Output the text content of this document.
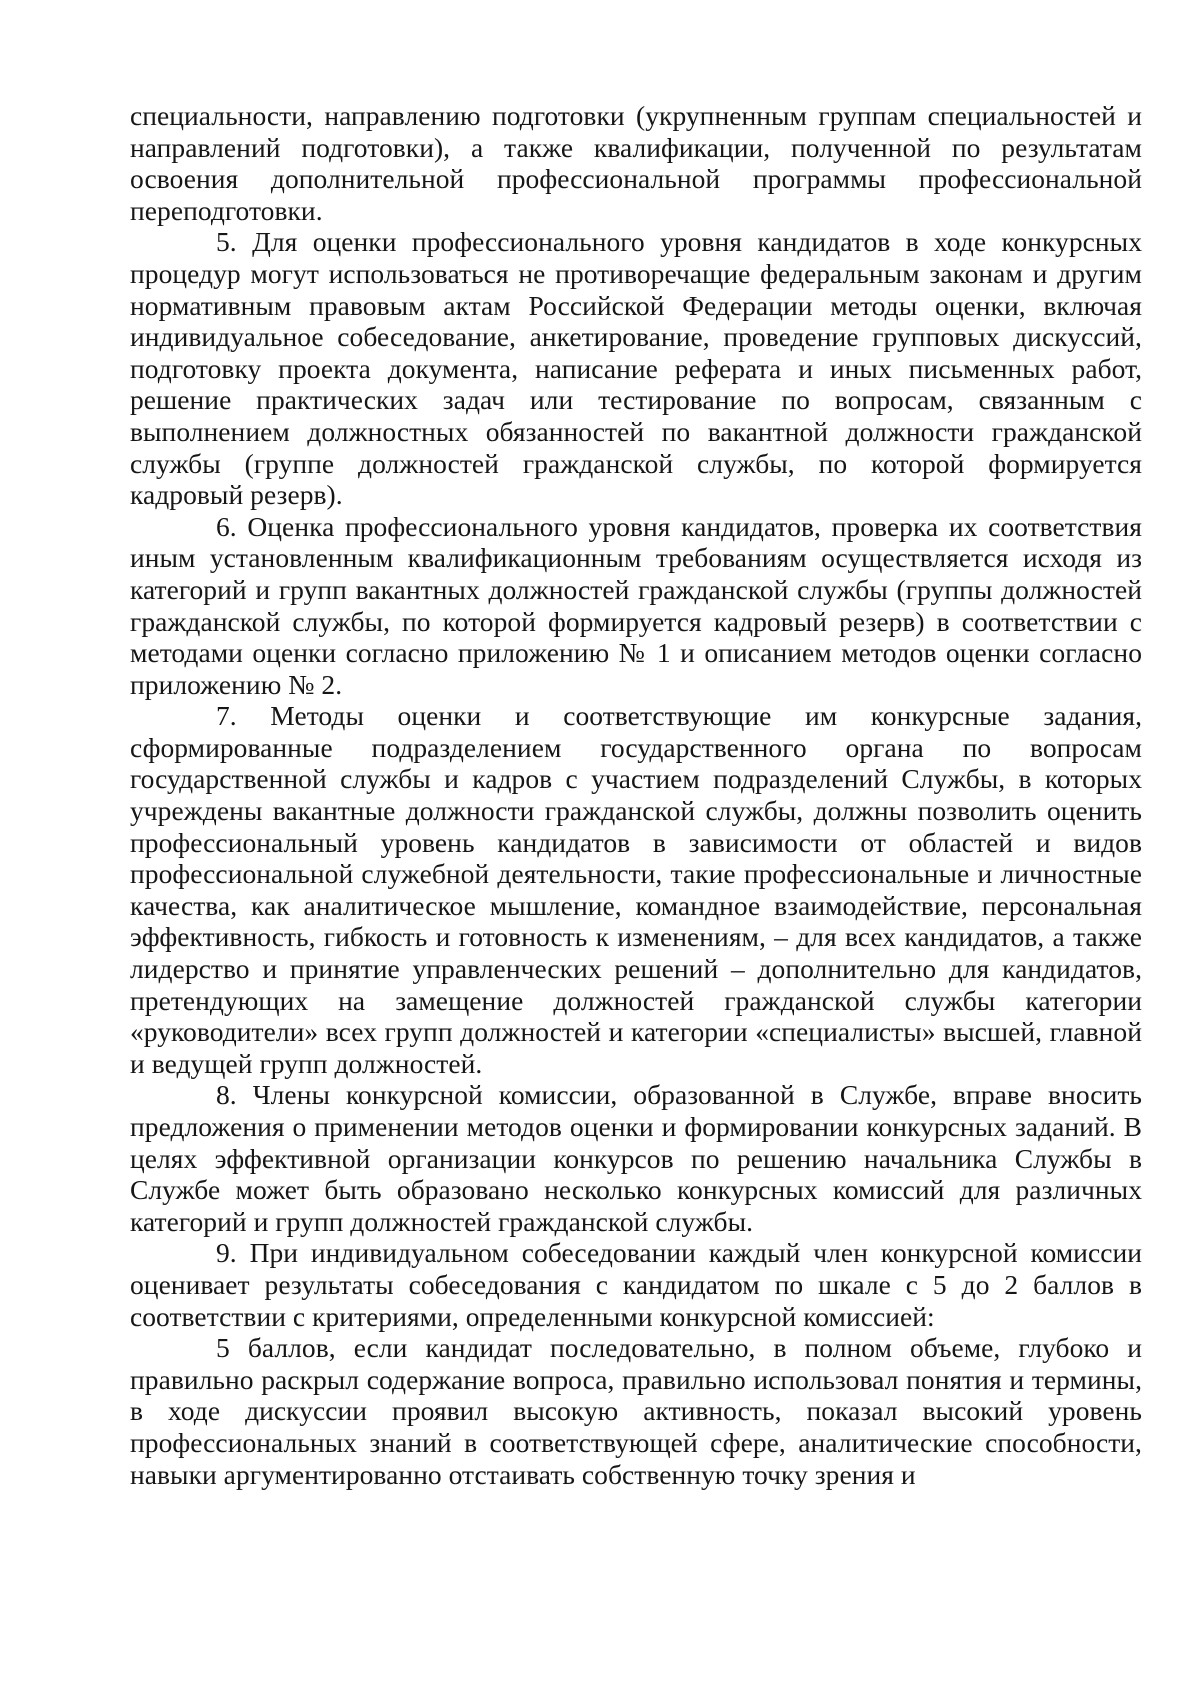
специальности, направлению подготовки (укрупненным группам специальностей и направлений подготовки), а также квалификации, полученной по результатам освоения дополнительной профессиональной программы профессиональной переподготовки.

5. Для оценки профессионального уровня кандидатов в ходе конкурсных процедур могут использоваться не противоречащие федеральным законам и другим нормативным правовым актам Российской Федерации методы оценки, включая индивидуальное собеседование, анкетирование, проведение групповых дискуссий, подготовку проекта документа, написание реферата и иных письменных работ, решение практических задач или тестирование по вопросам, связанным с выполнением должностных обязанностей по вакантной должности гражданской службы (группе должностей гражданской службы, по которой формируется кадровый резерв).

6. Оценка профессионального уровня кандидатов, проверка их соответствия иным установленным квалификационным требованиям осуществляется исходя из категорий и групп вакантных должностей гражданской службы (группы должностей гражданской службы, по которой формируется кадровый резерв) в соответствии с методами оценки согласно приложению № 1 и описанием методов оценки согласно приложению № 2.

7. Методы оценки и соответствующие им конкурсные задания, сформированные подразделением государственного органа по вопросам государственной службы и кадров с участием подразделений Службы, в которых учреждены вакантные должности гражданской службы, должны позволить оценить профессиональный уровень кандидатов в зависимости от областей и видов профессиональной служебной деятельности, такие профессиональные и личностные качества, как аналитическое мышление, командное взаимодействие, персональная эффективность, гибкость и готовность к изменениям, – для всех кандидатов, а также лидерство и принятие управленческих решений – дополнительно для кандидатов, претендующих на замещение должностей гражданской службы категории «руководители» всех групп должностей и категории «специалисты» высшей, главной и ведущей групп должностей.

8. Члены конкурсной комиссии, образованной в Службе, вправе вносить предложения о применении методов оценки и формировании конкурсных заданий. В целях эффективной организации конкурсов по решению начальника Службы в Службе может быть образовано несколько конкурсных комиссий для различных категорий и групп должностей гражданской службы.

9. При индивидуальном собеседовании каждый член конкурсной комиссии оценивает результаты собеседования с кандидатом по шкале с 5 до 2 баллов в соответствии с критериями, определенными конкурсной комиссией:

5 баллов, если кандидат последовательно, в полном объеме, глубоко и правильно раскрыл содержание вопроса, правильно использовал понятия и термины, в ходе дискуссии проявил высокую активность, показал высокий уровень профессиональных знаний в соответствующей сфере, аналитические способности, навыки аргументированно отстаивать собственную точку зрения и
